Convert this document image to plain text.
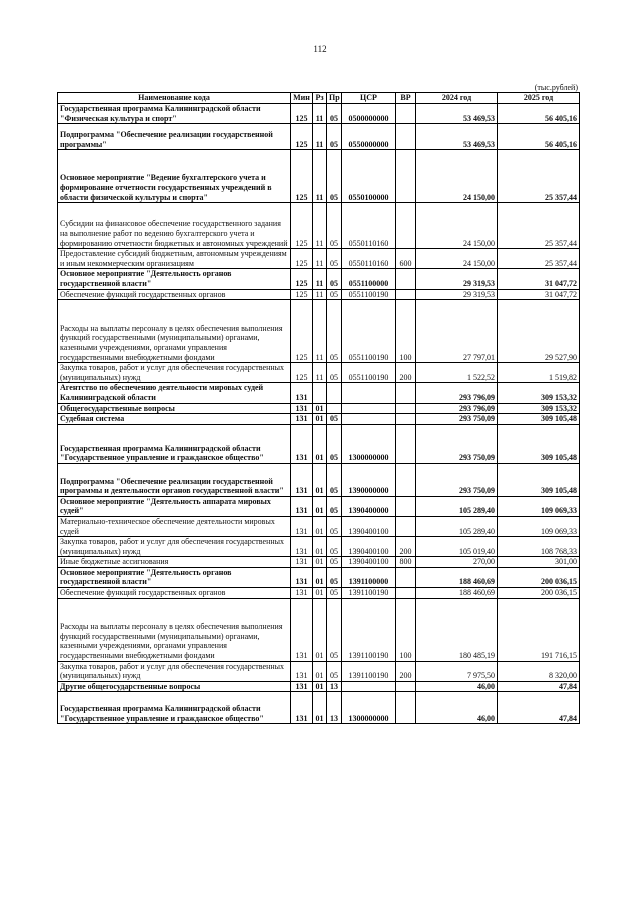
112
(тыс.рублей)
Наименование кода	Мин	Рз	Пр	ЦСР	ВР	2024 год	2025 год
Государственная программа Калининградской области "Физическая культура и спорт"	125	11	05	0500000000		53 469,53	56 405,16
Подпрограмма "Обеспечение реализации государственной программы"	125	11	05	0550000000		53 469,53	56 405,16
Основное мероприятие "Ведение бухгалтерского учета и формирование отчетности государственных учреждений в области физической культуры и спорта"	125	11	05	0550100000		24 150,00	25 357,44
Субсидии на финансовое обеспечение государственного задания на выполнение работ по ведению бухгалтерского учета и формированию отчетности бюджетных и автономных учреждений	125	11	05	0550110160		24 150,00	25 357,44
Предоставление субсидий бюджетным, автономным учреждениям и иным некоммерческим организациям	125	11	05	0550110160	600	24 150,00	25 357,44
Основное мероприятие "Деятельность органов государственной власти"	125	11	05	0551100000		29 319,53	31 047,72
Обеспечение функций государственных органов	125	11	05	0551100190		29 319,53	31 047,72
Расходы на выплаты персоналу в целях обеспечения выполнения функций государственными (муниципальными) органами, казенными учреждениями, органами управления государственными внебюджетными фондами	125	11	05	0551100190	100	27 797,01	29 527,90
Закупка товаров, работ и услуг для обеспечения государственных (муниципальных) нужд	125	11	05	0551100190	200	1 522,52	1 519,82
Агентство по обеспечению деятельности мировых судей Калининградской области	131					293 796,09	309 153,32
Общегосударственные вопросы	131	01				293 796,09	309 153,32
Судебная система	131	01	05			293 750,09	309 105,48
Государственная программа Калининградской области "Государственное управление и гражданское общество"	131	01	05	1300000000		293 750,09	309 105,48
Подпрограмма "Обеспечение реализации государственной программы и деятельности органов государственной власти"	131	01	05	1390000000		293 750,09	309 105,48
Основное мероприятие "Деятельность аппарата мировых судей"	131	01	05	1390400000		105 289,40	109 069,33
Материально-техническое обеспечение деятельности мировых судей	131	01	05	1390400100		105 289,40	109 069,33
Закупка товаров, работ и услуг для обеспечения государственных (муниципальных) нужд	131	01	05	1390400100	200	105 019,40	108 768,33
Иные бюджетные ассигнования	131	01	05	1390400100	800	270,00	301,00
Основное мероприятие "Деятельность органов государственной власти"	131	01	05	1391100000		188 460,69	200 036,15
Обеспечение функций государственных органов	131	01	05	1391100190		188 460,69	200 036,15
Расходы на выплаты персоналу в целях обеспечения выполнения функций государственными (муниципальными) органами, казенными учреждениями, органами управления государственными внебюджетными фондами	131	01	05	1391100190	100	180 485,19	191 716,15
Закупка товаров, работ и услуг для обеспечения государственных (муниципальных) нужд	131	01	05	1391100190	200	7 975,50	8 320,00
Другие общегосударственные вопросы	131	01	13			46,00	47,84
Государственная программа Калининградской области "Государственное управление и гражданское общество"	131	01	13	1300000000		46,00	47,84
